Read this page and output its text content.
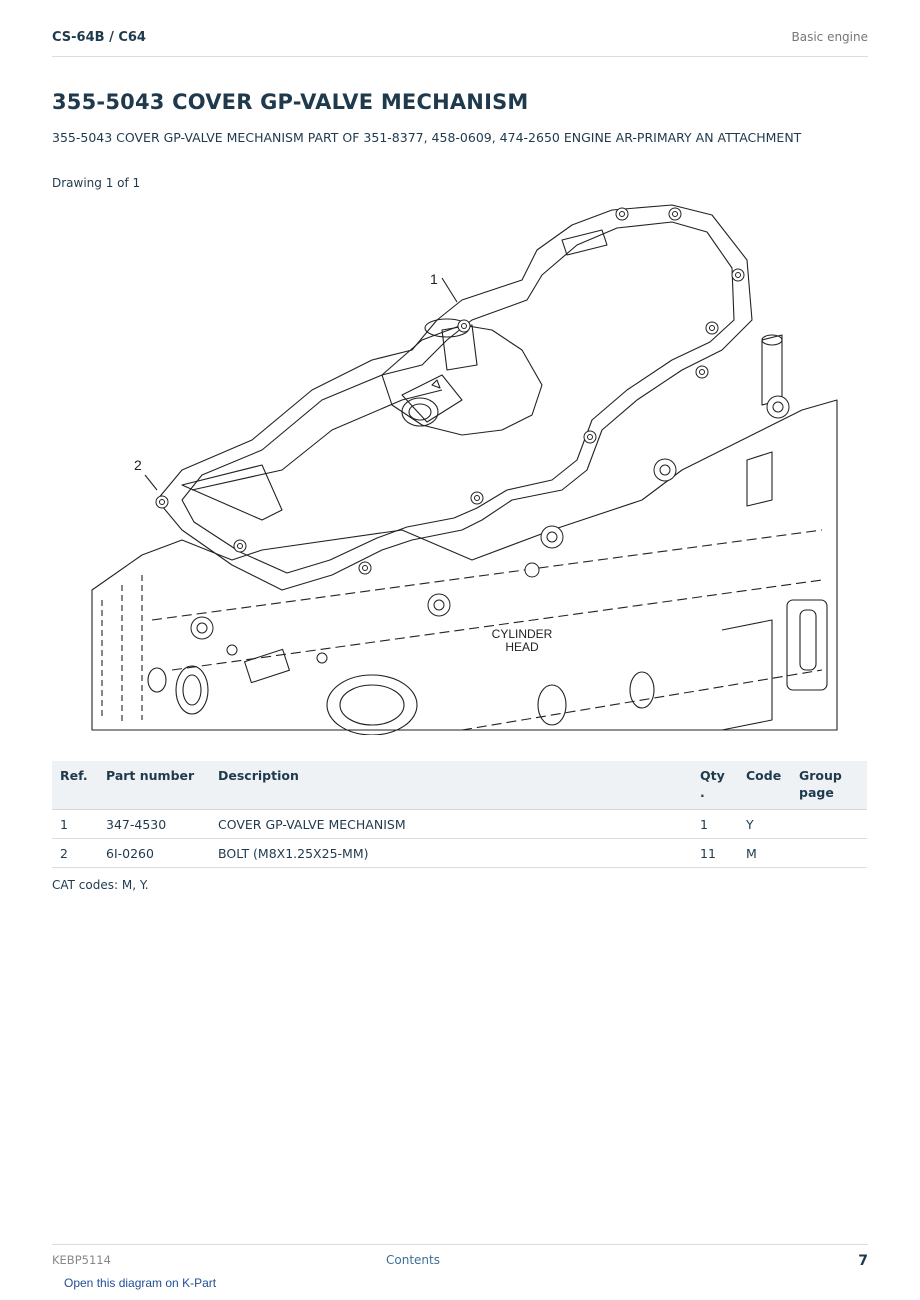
CS-64B / C64	Basic engine
355-5043 COVER GP-VALVE MECHANISM
355-5043 COVER GP-VALVE MECHANISM PART OF 351-8377, 458-0609, 474-2650 ENGINE AR-PRIMARY AN ATTACHMENT
Drawing 1 of 1
1
2
CYLINDER
HEAD
Ref.	Part number	Description	Qty .	Code	Group page
1	347-4530	COVER GP-VALVE MECHANISM	1	Y	
2	6I-0260	BOLT (M8X1.25X25-MM)	11	M	
CAT codes: M, Y.
KEBP5114	Contents	7
Open this diagram on K-Part
